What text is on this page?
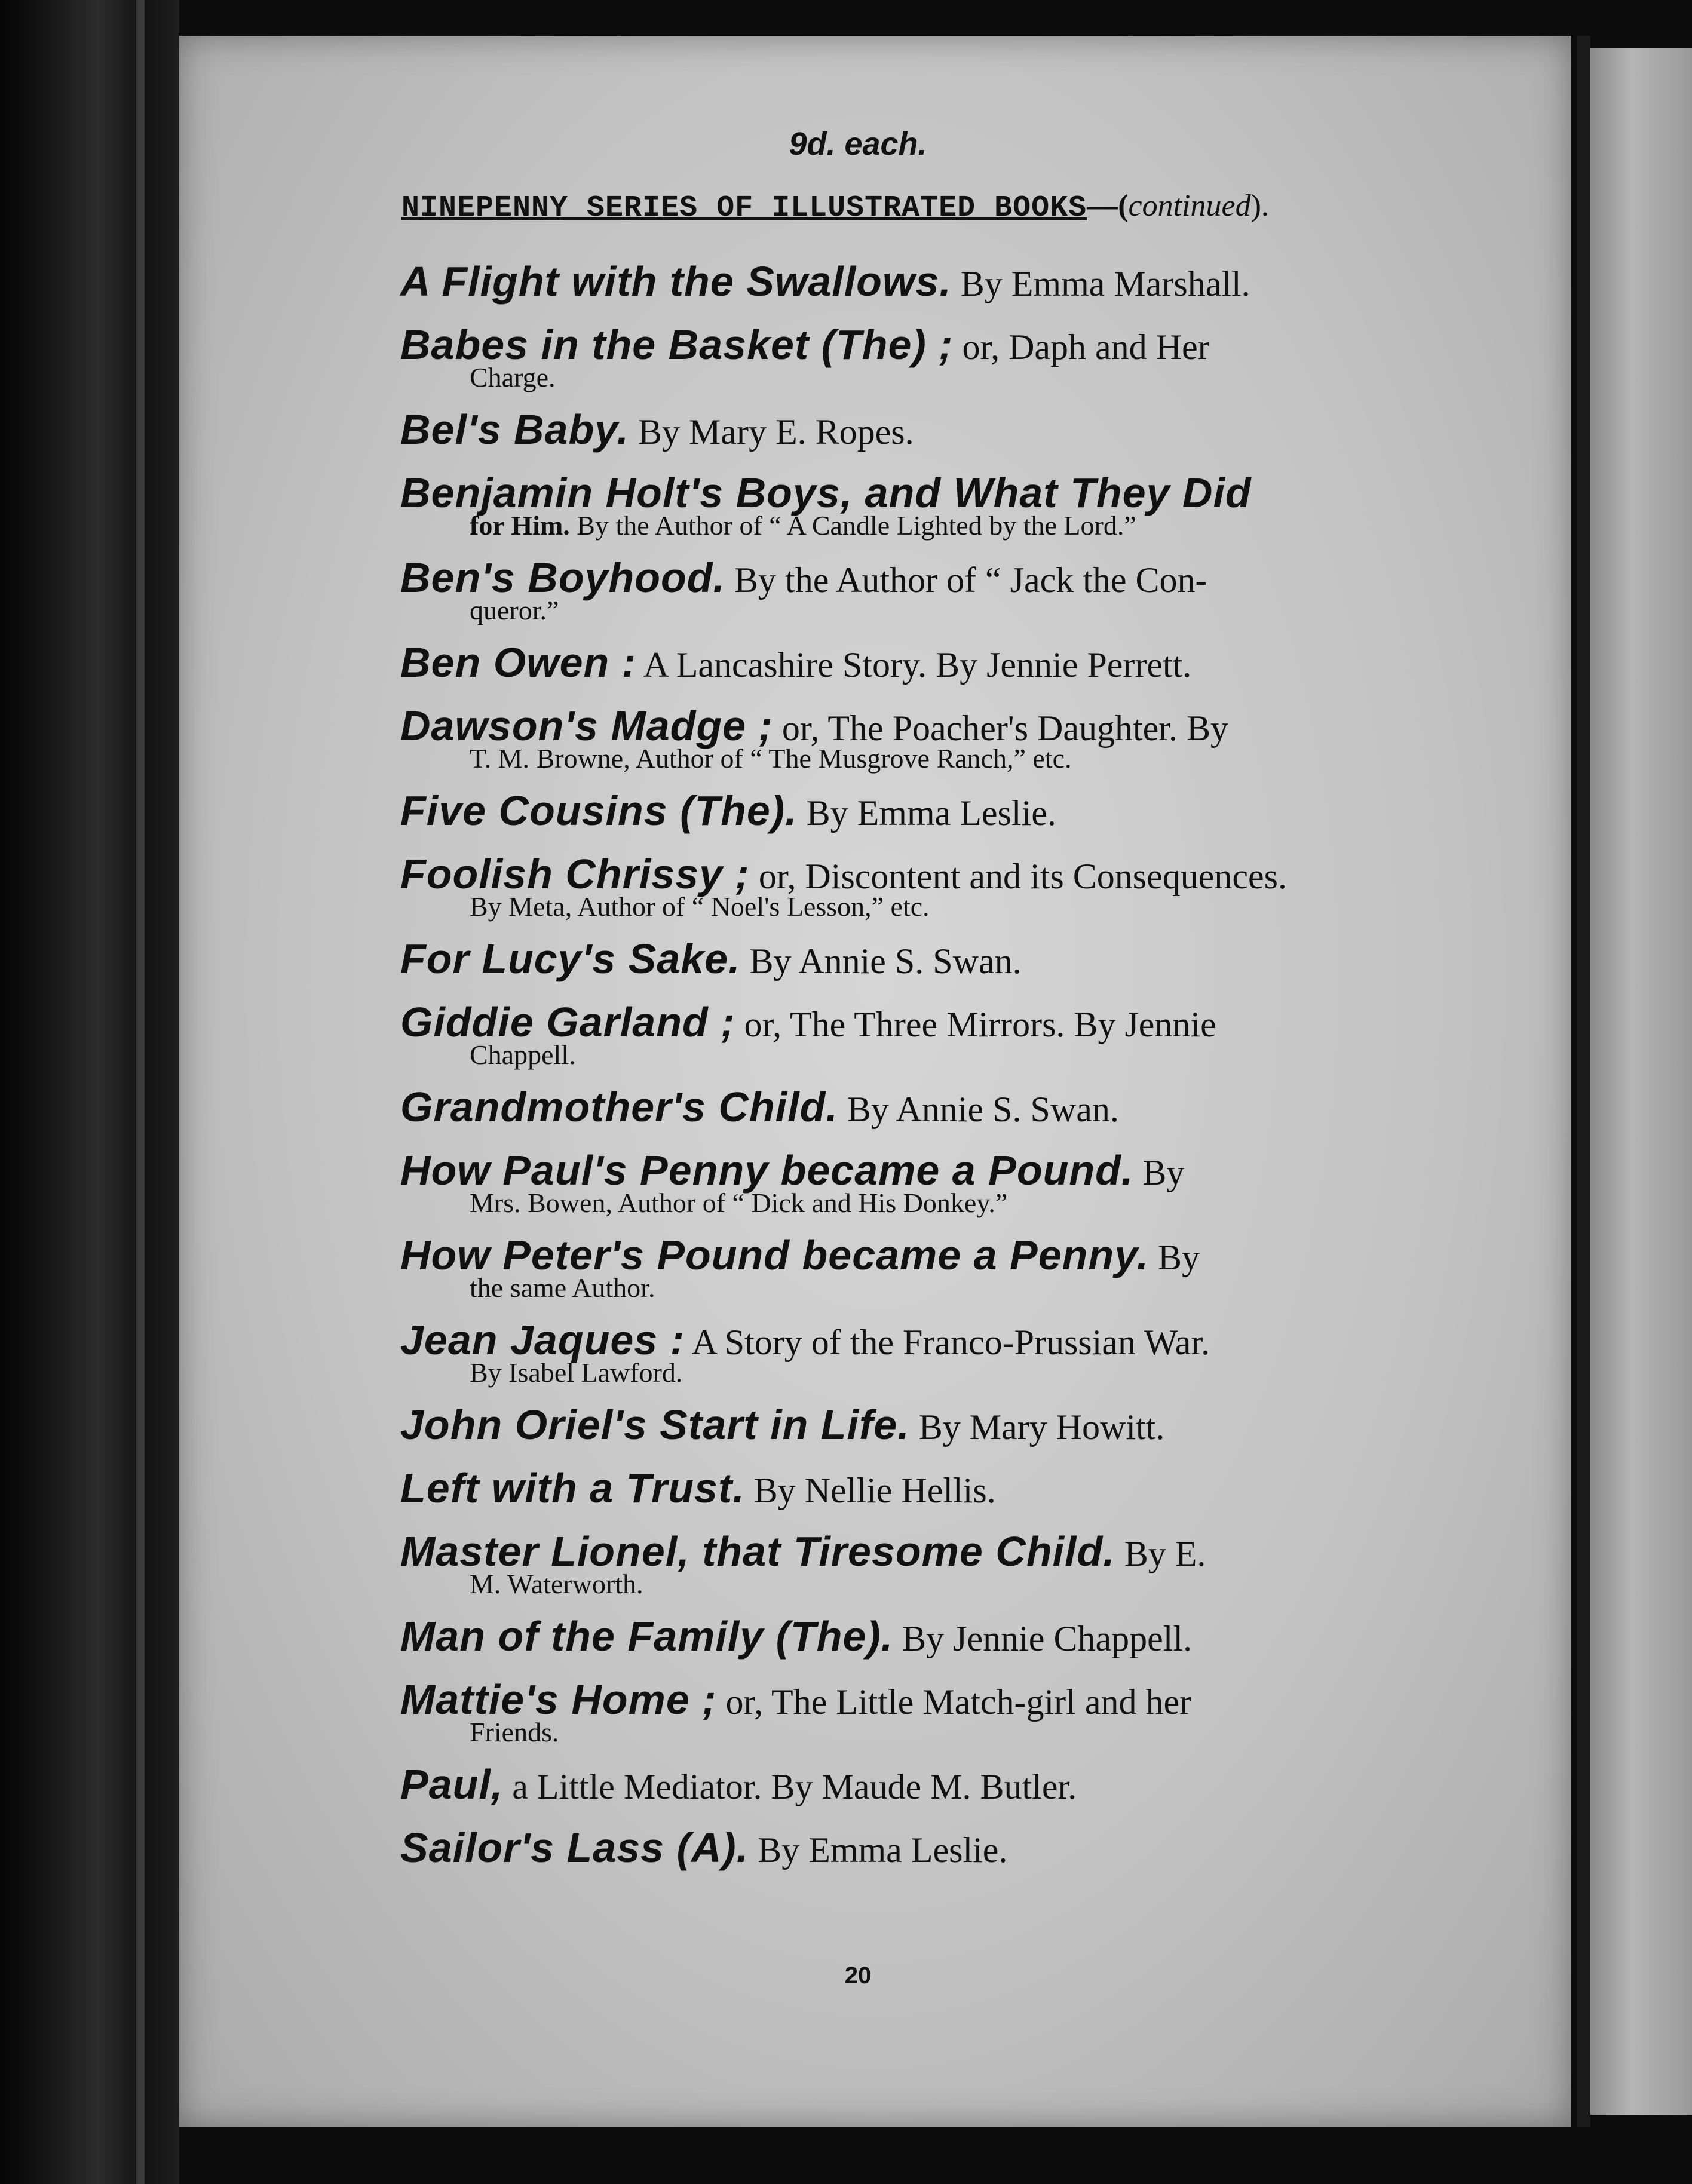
9d. each.
NINEPENNY SERIES OF ILLUSTRATED BOOKS—(continued).
A Flight with the Swallows. By Emma Marshall.
Babes in the Basket (The) ; or, Daph and Her
Charge.
Bel's Baby. By Mary E. Ropes.
Benjamin Holt's Boys, and What They Did
for Him. By the Author of “ A Candle Lighted by the Lord.”
Ben's Boyhood. By the Author of “ Jack the Con-
queror.”
Ben Owen : A Lancashire Story. By Jennie Perrett.
Dawson's Madge ; or, The Poacher's Daughter. By
T. M. Browne, Author of “ The Musgrove Ranch,” etc.
Five Cousins (The). By Emma Leslie.
Foolish Chrissy ; or, Discontent and its Consequences.
By Meta, Author of “ Noel's Lesson,” etc.
For Lucy's Sake. By Annie S. Swan.
Giddie Garland ; or, The Three Mirrors. By Jennie
Chappell.
Grandmother's Child. By Annie S. Swan.
How Paul's Penny became a Pound. By
Mrs. Bowen, Author of “ Dick and His Donkey.”
How Peter's Pound became a Penny. By
the same Author.
Jean Jaques : A Story of the Franco-Prussian War.
By Isabel Lawford.
John Oriel's Start in Life. By Mary Howitt.
Left with a Trust. By Nellie Hellis.
Master Lionel, that Tiresome Child. By E.
M. Waterworth.
Man of the Family (The). By Jennie Chappell.
Mattie's Home ; or, The Little Match-girl and her
Friends.
Paul, a Little Mediator. By Maude M. Butler.
Sailor's Lass (A). By Emma Leslie.
20
